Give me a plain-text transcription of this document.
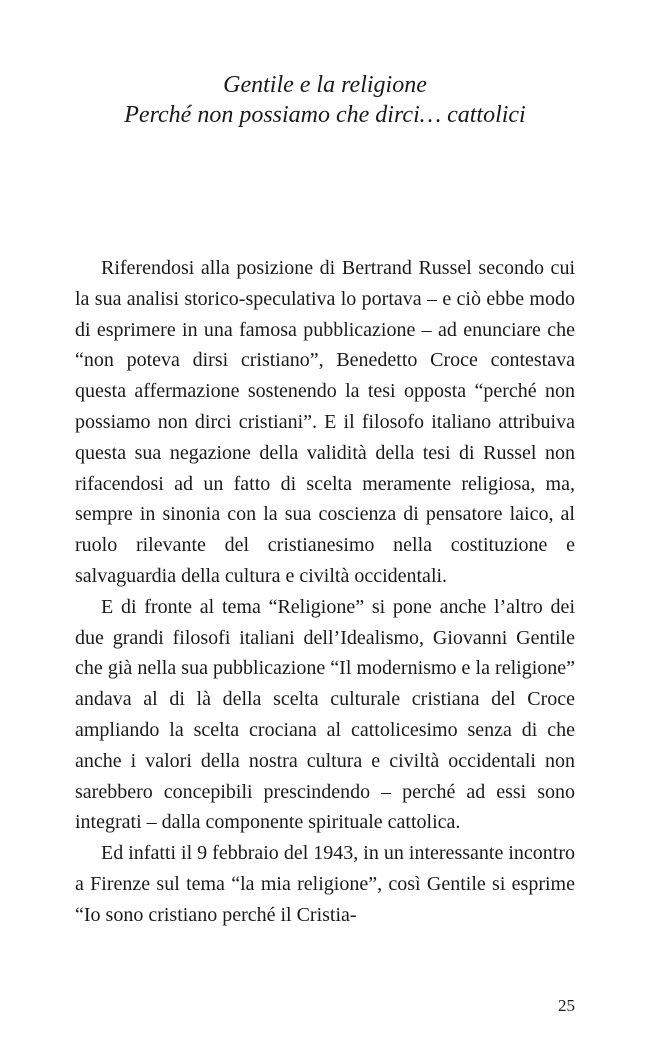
Gentile e la religione
Perché non possiamo che dirci… cattolici

Riferendosi alla posizione di Bertrand Russel secondo cui la sua analisi storico-speculativa lo portava – e ciò ebbe modo di esprimere in una famosa pubblicazione – ad enunciare che “non poteva dirsi cristiano”, Benedetto Croce contestava questa affermazione sostenendo la tesi opposta “perché non possiamo non dirci cristiani”. E il filosofo italiano attribuiva questa sua negazione della validità della tesi di Russel non rifacendosi ad un fatto di scelta meramente religiosa, ma, sempre in sinonia con la sua coscienza di pensatore laico, al ruolo rilevante del cristianesimo nella costituzione e salvaguardia della cultura e civiltà occidentali.

E di fronte al tema “Religione” si pone anche l’altro dei due grandi filosofi italiani dell’Idealismo, Giovanni Gentile che già nella sua pubblicazione “Il modernismo e la religione” andava al di là della scelta culturale cristiana del Croce ampliando la scelta crociana al cattolicesimo senza di che anche i valori della nostra cultura e civiltà occidentali non sarebbero concepibili prescindendo – perché ad essi sono integrati – dalla componente spirituale cattolica.

Ed infatti il 9 febbraio del 1943, in un interessante incontro a Firenze sul tema “la mia religione”, così Gentile si esprime “Io sono cristiano perché il Cristia-

25
